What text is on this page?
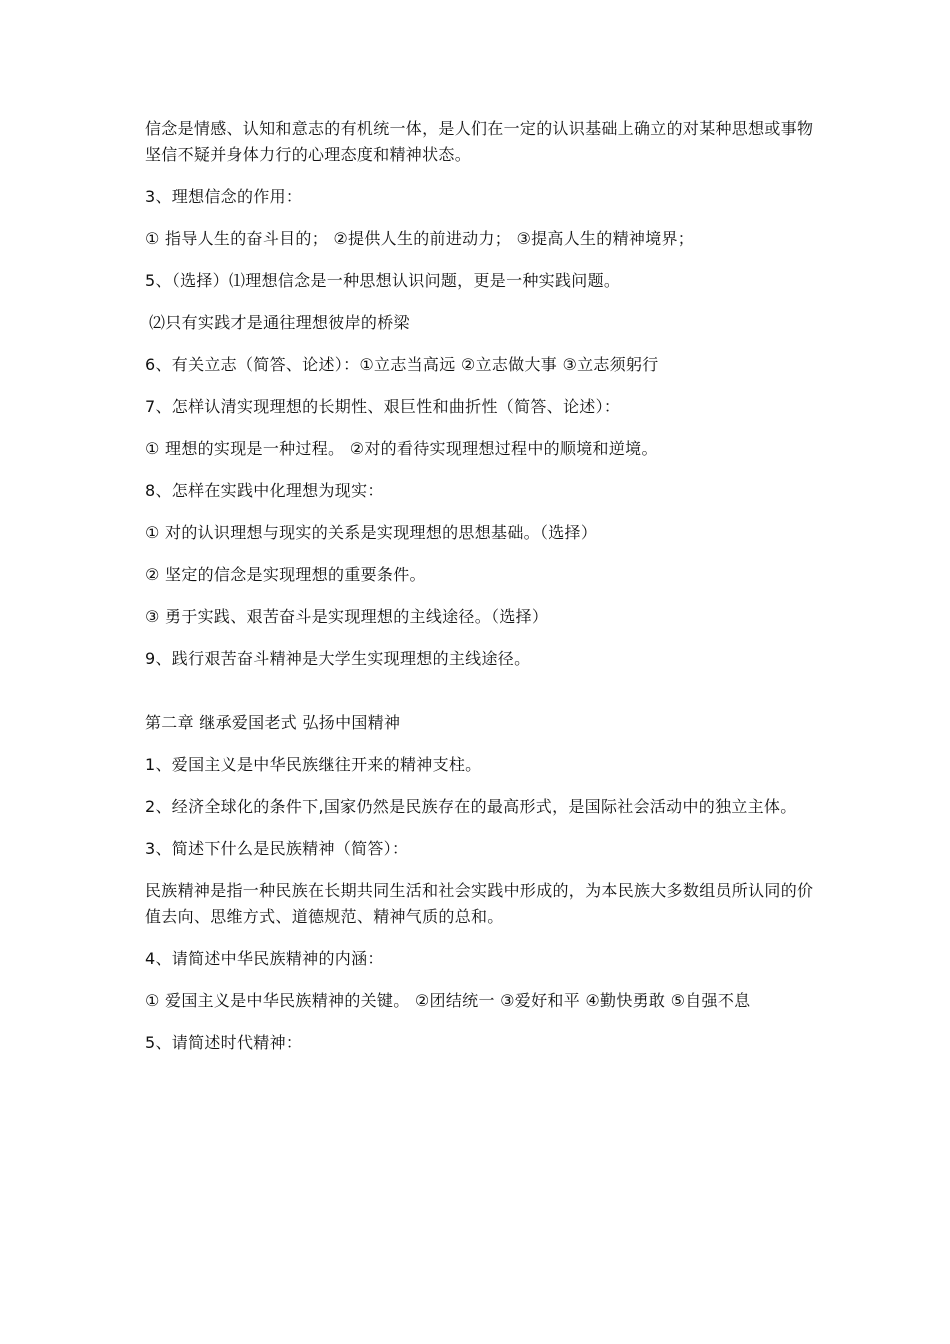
信念是情感、认知和意志的有机统一体，是人们在一定的认识基础上确立的对某种思想或事物坚信不疑并身体力行的心理态度和精神状态。

3、理想信念的作用：

① 指导人生的奋斗目的； ②提供人生的前进动力； ③提高人生的精神境界；

5、（选择）⑴理想信念是一种思想认识问题，更是一种实践问题。

⑵只有实践才是通往理想彼岸的桥梁

6、有关立志（简答、论述）：①立志当高远 ②立志做大事 ③立志须躬行

7、怎样认清实现理想的长期性、艰巨性和曲折性（简答、论述）：

① 理想的实现是一种过程。 ②对的看待实现理想过程中的顺境和逆境。

8、怎样在实践中化理想为现实：

① 对的认识理想与现实的关系是实现理想的思想基础。（选择）

② 坚定的信念是实现理想的重要条件。

③ 勇于实践、艰苦奋斗是实现理想的主线途径。（选择）

9、践行艰苦奋斗精神是大学生实现理想的主线途径。

第二章 继承爱国老式 弘扬中国精神

1、爱国主义是中华民族继往开来的精神支柱。

2、经济全球化的条件下,国家仍然是民族存在的最高形式，是国际社会活动中的独立主体。

3、简述下什么是民族精神（简答）：

民族精神是指一种民族在长期共同生活和社会实践中形成的，为本民族大多数组员所认同的价值去向、思维方式、道德规范、精神气质的总和。

4、请简述中华民族精神的内涵：

① 爱国主义是中华民族精神的关键。 ②团结统一 ③爱好和平 ④勤快勇敢 ⑤自强不息

5、请简述时代精神：
